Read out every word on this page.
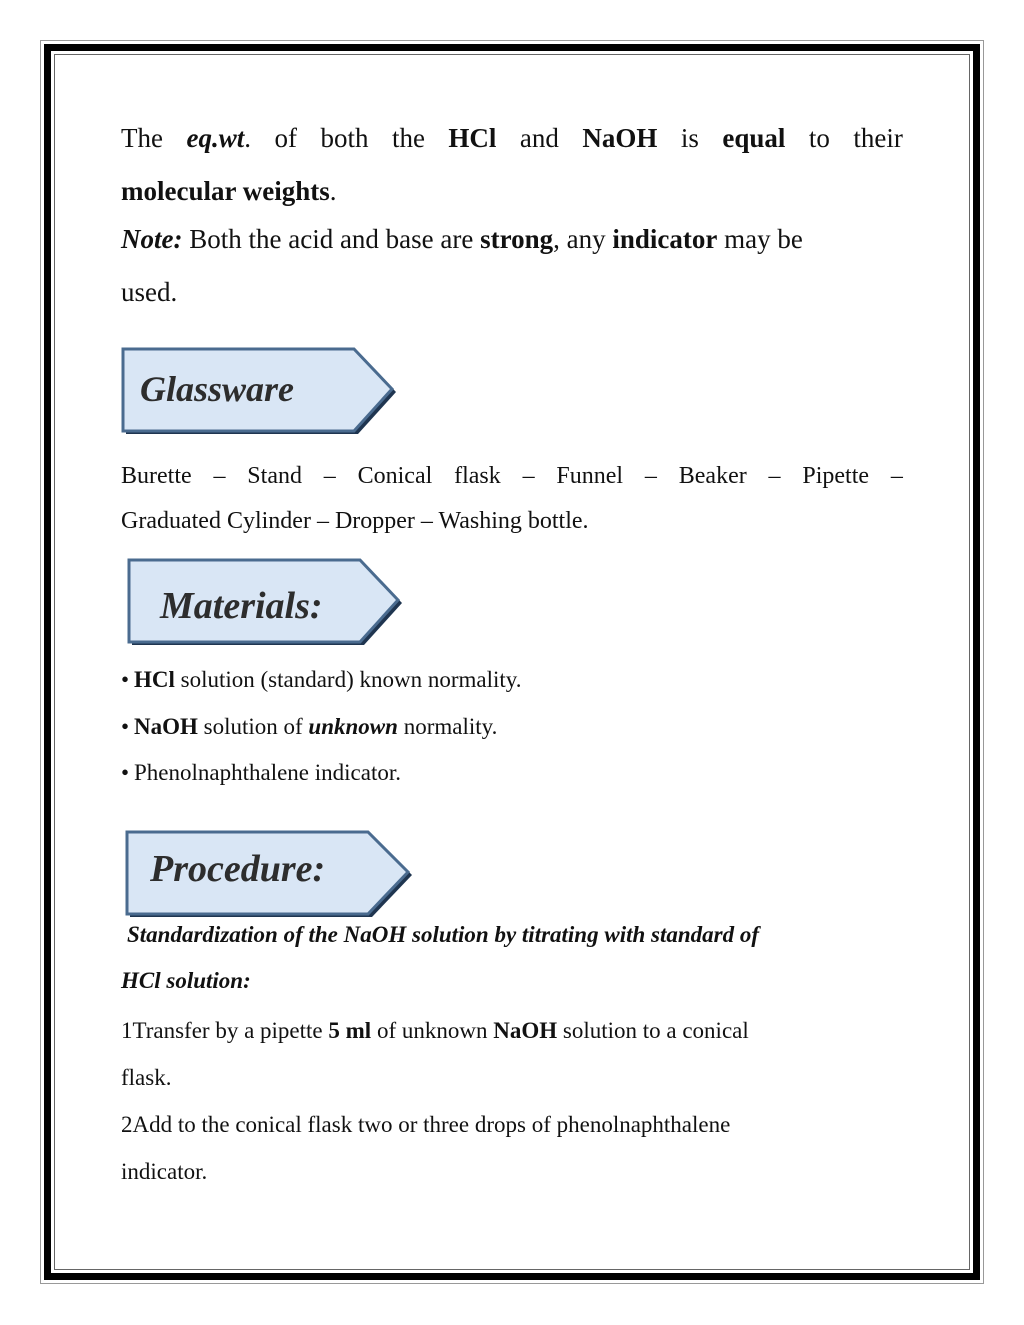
The eq.wt. of both the HCl and NaOH is equal to their
molecular weights.
Note: Both the acid and base are strong, any indicator may be
used.
Glassware
Burette – Stand – Conical flask – Funnel – Beaker – Pipette –
Graduated Cylinder – Dropper – Washing bottle.
Materials:
• HCl solution (standard) known normality.
• NaOH solution of unknown normality.
• Phenolnaphthalene indicator.
Procedure:
Standardization of the NaOH solution by titrating with standard of
HCl solution:
1Transfer by a pipette 5 ml of unknown NaOH solution to a conical
flask.
2Add to the conical flask two or three drops of phenolnaphthalene
indicator.
